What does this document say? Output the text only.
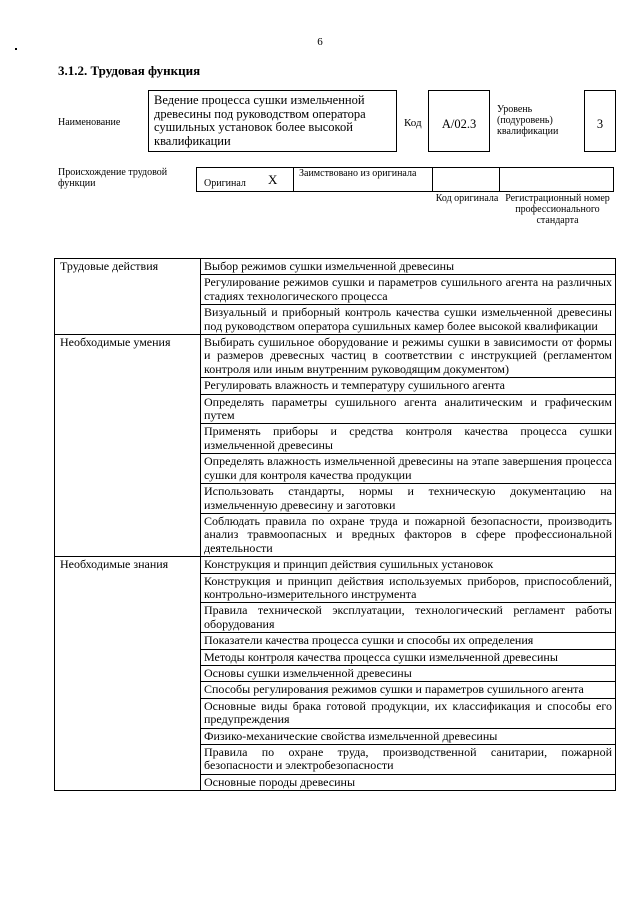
6
3.1.2. Трудовая функция
Наименование
Ведение процесса сушки измельченной древесины под руководством оператора сушильных установок более высокой квалификации
Код	A/02.3
Уровень (подуровень) квалификации
3
Происхождение трудовой функции	Оригинал X Заимствовано из оригинала
Код оригинала Регистрационный номер профессионального стандарта
Трудовые действия	Выбор режимов сушки измельченной древесины
	Регулирование режимов сушки и параметров сушильного агента на различных стадиях технологического процесса
	Визуальный и приборный контроль качества сушки измельченной древесины под руководством оператора сушильных камер более высокой квалификации
Необходимые умения	Выбирать сушильное оборудование и режимы сушки в зависимости от формы и размеров древесных частиц в соответствии с инструкцией (регламентом контроля или иным внутренним руководящим документом)
	Регулировать влажность и температуру сушильного агента
	Определять параметры сушильного агента аналитическим и графическим путем
	Применять приборы и средства контроля качества процесса сушки измельченной древесины
	Определять влажность измельченной древесины на этапе завершения процесса сушки для контроля качества продукции
	Использовать стандарты, нормы и техническую документацию на измельченную древесину и заготовки
	Соблюдать правила по охране труда и пожарной безопасности, производить анализ травмоопасных и вредных факторов в сфере профессиональной деятельности
Необходимые знания	Конструкция и принцип действия сушильных установок
	Конструкция и принцип действия используемых приборов, приспособлений, контрольно-измерительного инструмента
	Правила технической эксплуатации, технологический регламент работы оборудования
	Показатели качества процесса сушки и способы их определения
	Методы контроля качества процесса сушки измельченной древесины
	Основы сушки измельченной древесины
	Способы регулирования режимов сушки и параметров сушильного агента
	Основные виды брака готовой продукции, их классификация и способы его предупреждения
	Физико-механические свойства измельченной древесины
	Правила по охране труда, производственной санитарии, пожарной безопасности и электробезопасности
	Основные породы древесины
